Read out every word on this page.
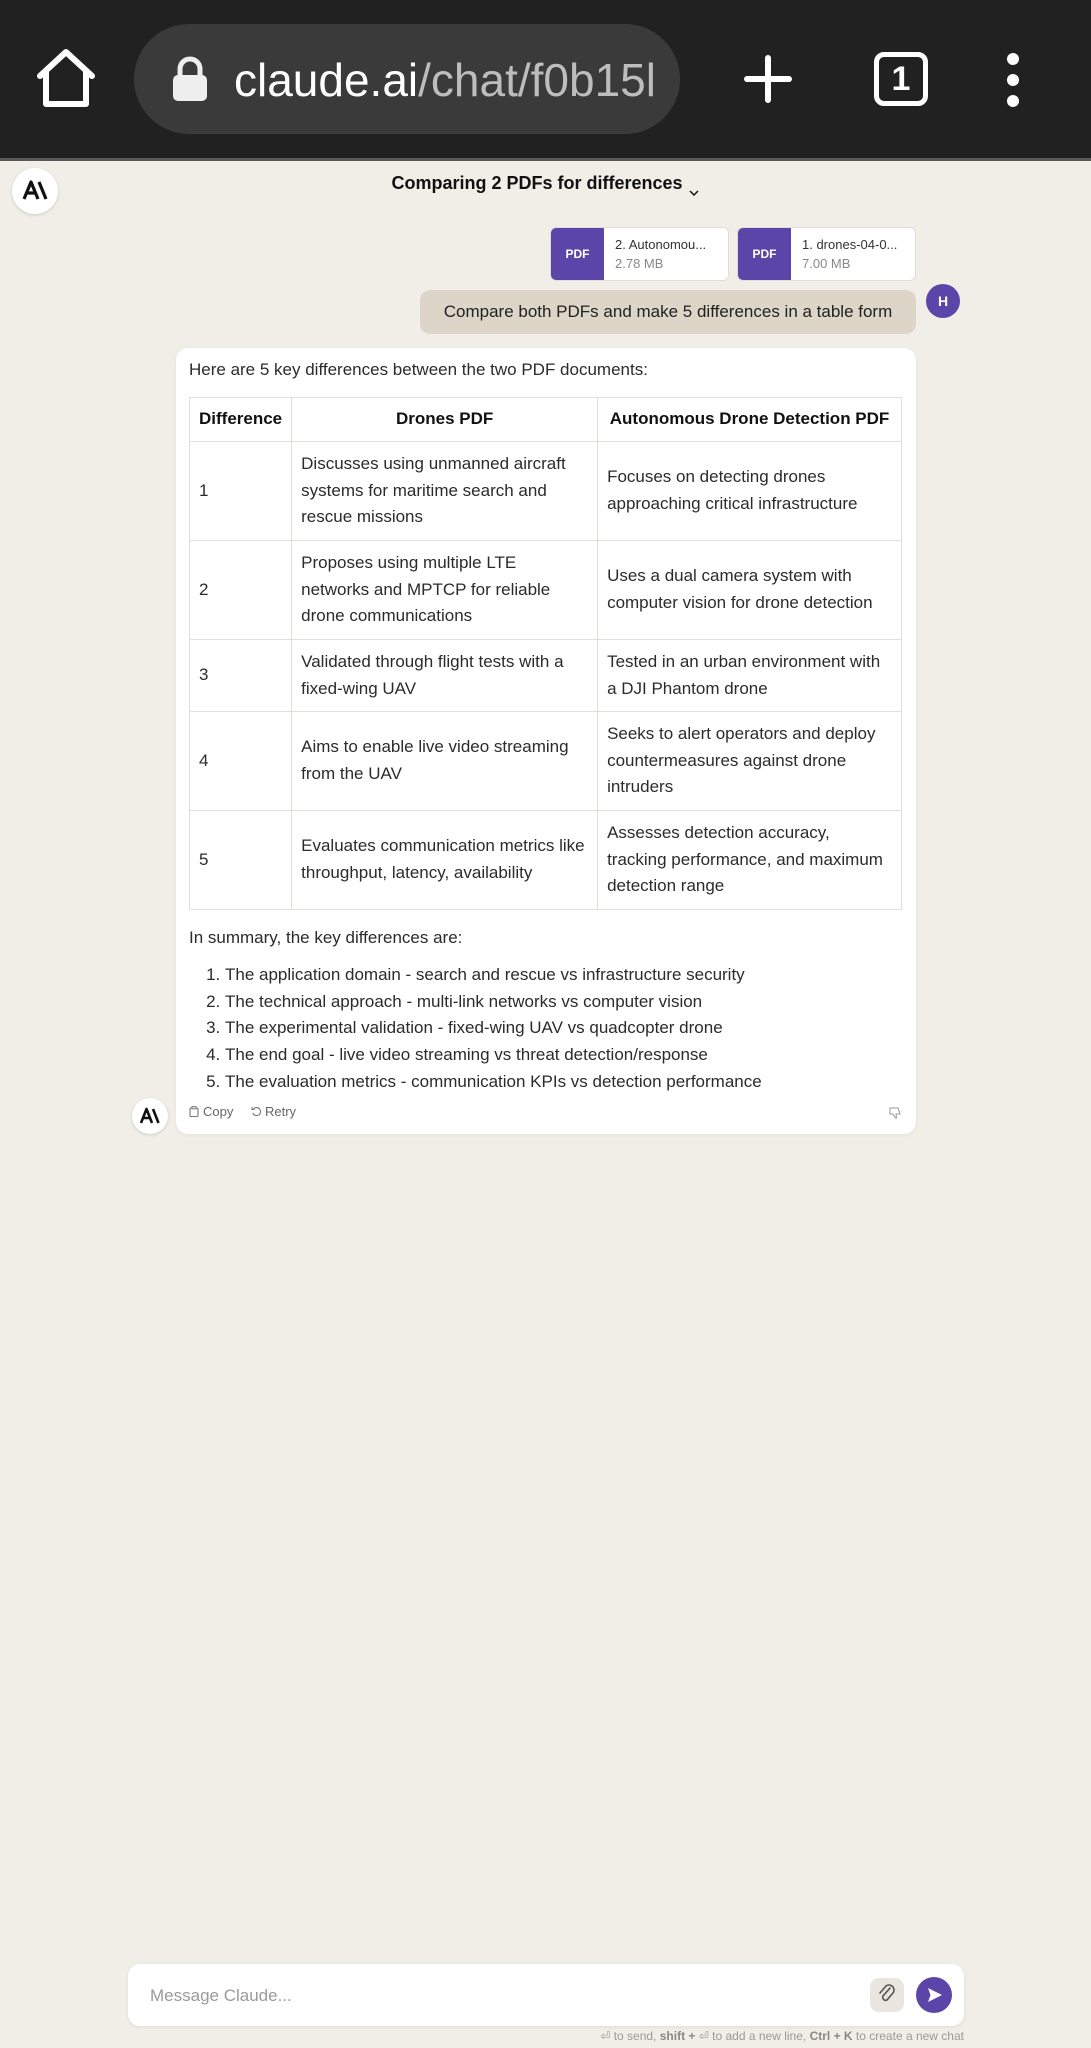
claude.ai/chat/f0b15l	1
Comparing 2 PDFs for differences
PDF
2. Autonomou...
2.78 MB
PDF
1. drones-04-0...
7.00 MB
Compare both PDFs and make 5 differences in a table form
H
Here are 5 key differences between the two PDF documents:
Difference	Drones PDF	Autonomous Drone Detection PDF
1	Discusses using unmanned aircraft systems for maritime search and rescue missions	Focuses on detecting drones approaching critical infrastructure
2	Proposes using multiple LTE networks and MPTCP for reliable drone communications	Uses a dual camera system with computer vision for drone detection
3	Validated through flight tests with a fixed-wing UAV	Tested in an urban environment with a DJI Phantom drone
4	Aims to enable live video streaming from the UAV	Seeks to alert operators and deploy countermeasures against drone intruders
5	Evaluates communication metrics like throughput, latency, availability	Assesses detection accuracy, tracking performance, and maximum detection range
In summary, the key differences are:
1. The application domain - search and rescue vs infrastructure security
2. The technical approach - multi-link networks vs computer vision
3. The experimental validation - fixed-wing UAV vs quadcopter drone
4. The end goal - live video streaming vs threat detection/response
5. The evaluation metrics - communication KPIs vs detection performance
Copy Retry
Message Claude...
⏎ to send, shift + ⏎ to add a new line, Ctrl + K to create a new chat
